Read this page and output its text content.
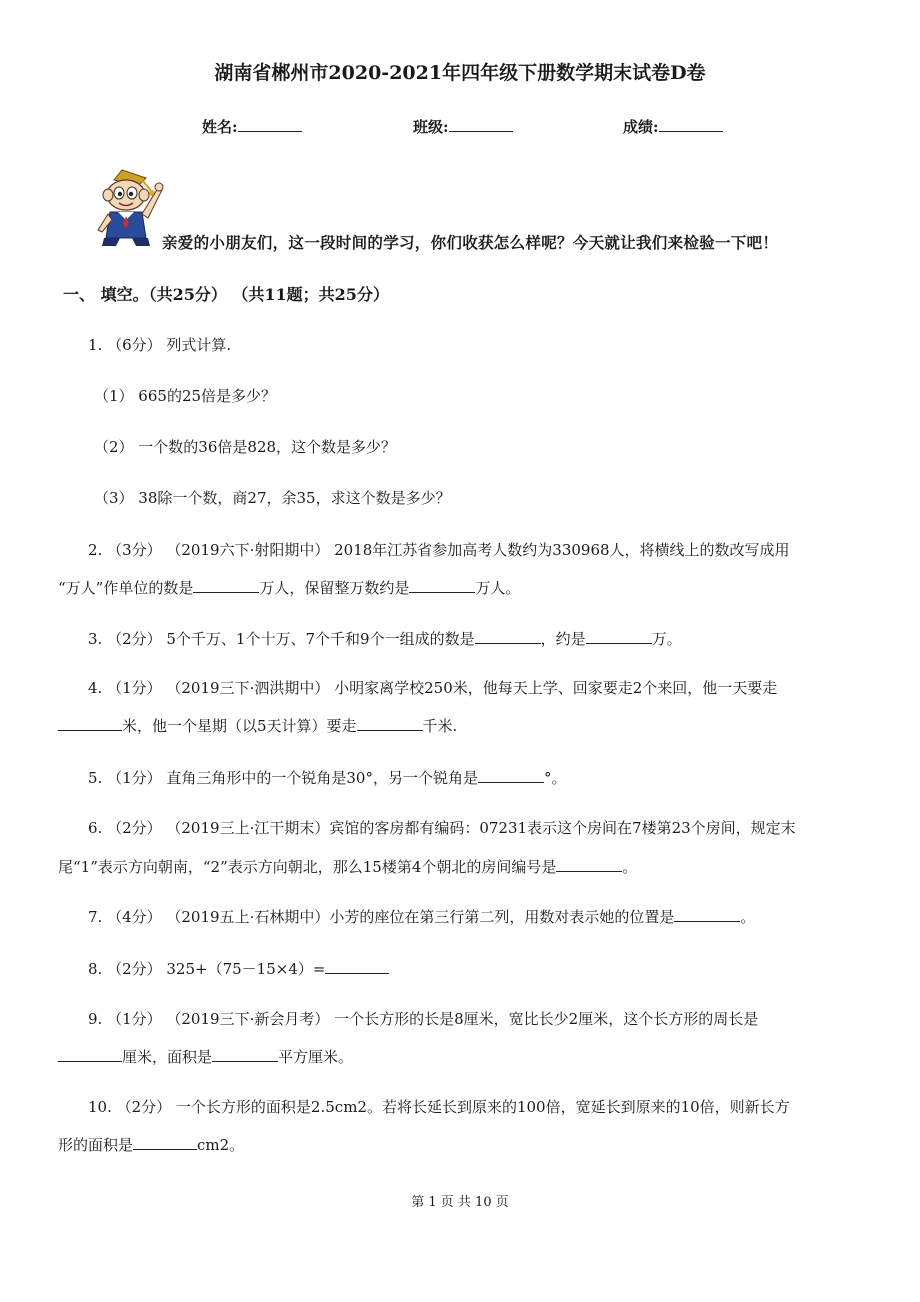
湖南省郴州市2020-2021年四年级下册数学期末试卷D卷
姓名:	班级:	成绩:
亲爱的小朋友们，这一段时间的学习，你们收获怎么样呢？今天就让我们来检验一下吧！
一、 填空。（共25分） （共11题；共25分）
1. （6分） 列式计算.
（1） 665的25倍是多少？
（2） 一个数的36倍是828，这个数是多少？
（3） 38除一个数，商27，余35，求这个数是多少？
2. （3分） （2019六下·射阳期中） 2018年江苏省参加高考人数约为330968人，将横线上的数改写成用
“万人”作单位的数是	万人，保留整万数约是	万人。
3. （2分） 5个千万、1个十万、7个千和9个一组成的数是	，约是	万。
4. （1分） （2019三下·泗洪期中） 小明家离学校250米，他每天上学、回家要走2个来回，他一天要走
米，他一个星期（以5天计算）要走	千米.
5. （1分） 直角三角形中的一个锐角是30°，另一个锐角是	°。
6. （2分） （2019三上·江干期末）宾馆的客房都有编码：07231表示这个房间在7楼第23个房间，规定末
尾“1”表示方向朝南，“2”表示方向朝北，那么15楼第4个朝北的房间编号是	。
7. （4分） （2019五上·石林期中）小芳的座位在第三行第二列，用数对表示她的位置是	。
8. （2分） 325+（75－15×4）=
9. （1分） （2019三下·新会月考） 一个长方形的长是8厘米，宽比长少2厘米，这个长方形的周长是
厘米，面积是	平方厘米。
10. （2分） 一个长方形的面积是2.5cm2。若将长延长到原来的100倍，宽延长到原来的10倍，则新长方
形的面积是	cm2。
第 1 页 共 10 页
